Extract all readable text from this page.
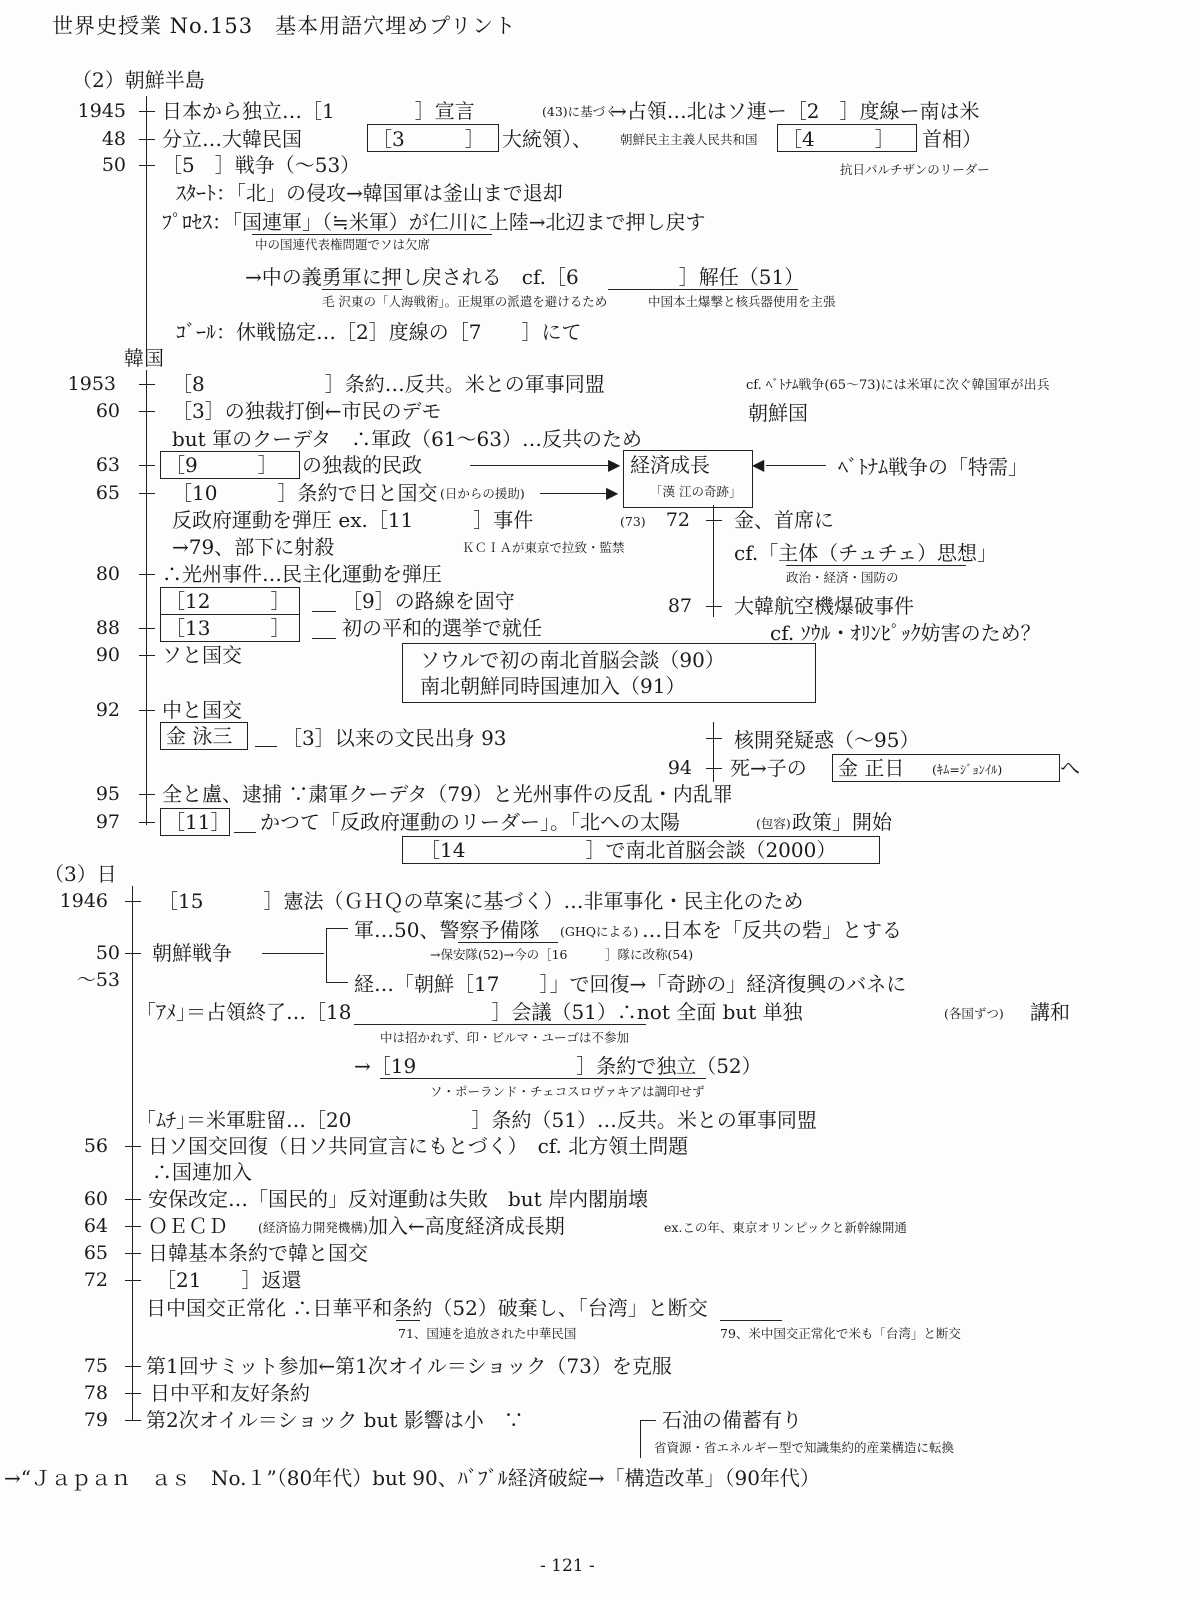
世界史授業 No.153　基本用語穴埋めプリント
（2）朝鮮半島
1945 日本から独立…［1　　　　］宣言	(43)に基づく
→占領…北はソ連ー［2　］度線ー南は米
48 分立…大韓民国	［3　　　］ 大統領）、 朝鮮民主主義人民共和国 ［4　　　］ 首相）
50 ［5　］戦争（～53）	抗日パルチザンのリーダー
ｽﾀｰﾄ：「北」の侵攻→韓国軍は釜山まで退却
ﾌﾟﾛｾｽ：「国連軍」（≒米軍）が仁川に上陸→北辺まで押し戻す
中の国連代表権問題でソは欠席
→中の義勇軍に押し戻される　cf.［6　　　　　］解任（51）
毛 沢東の「人海戦術」。正規軍の派遣を避けるため	中国本土爆撃と核兵器使用を主張
ｺﾞｰﾙ：休戦協定…［2］度線の［7　　］にて
韓国
1953	［8　　　　　　］条約…反共。米との軍事同盟	cf. ﾍﾞﾄﾅﾑ戦争(65～73)には米軍に次ぐ韓国軍が出兵
60	［3］の独裁打倒←市民のデモ	朝鮮国
but 軍のクーデタ　∴軍政（61～63）…反共のため
63 ［9　　　］ の独裁的民政	▶ 経済成長
「漢 江の奇跡」
◀	ﾍﾞﾄﾅﾑ戦争の「特需」
65	［10　　　］条約で日と国交 (日からの援助)	▶
反政府運動を弾圧 ex.［11　　　］事件	(73)	72 金、首席に
→79、部下に射殺	ＫＣＩＡが東京で拉致・監禁	cf.「主体（チュチェ）思想」
政治・経済・国防の
80 ∴光州事件…民主化運動を弾圧
［12　　　］	［9］の路線を固守	87 大韓航空機爆破事件
88 ［13　　　］	初の平和的選挙で就任	cf. ｿｳﾙ・ｵﾘﾝﾋﾟｯｸ妨害のため？
90 ソと国交	ソウルで初の南北首脳会談（90）
南北朝鮮同時国連加入（91）
92 中と国交
金 泳三 ［3］以来の文民出身 93	核開発疑惑（～95）
94 死→子の 金 正日 (ｷﾑ=ｼﾞｮﾝｲﾙ)	へ
95 全と盧、逮捕 ∵粛軍クーデタ（79）と光州事件の反乱・内乱罪
97 ［11］ かつて「反政府運動のリーダー」。「北への太陽	(包容) 政策」開始
［14　　　　　　］で南北首脳会談（2000）
（3）日
1946	［15　　　］憲法（ＧＨＱの草案に基づく）…非軍事化・民主化のため
軍…50、警察予備隊 (GHQによる) …日本を「反共の砦」とする
→保安隊(52)→今の［16　　　］隊に改称(54)
50 朝鮮戦争
～53	経…「朝鮮［17　　］」で回復→「奇跡の」経済復興のバネに
｢ｱﾒ｣＝占領終了…［18　　　　　　　］会議（51）∴not 全面 but 単独	(各国ずつ) 講和
中は招かれず、印・ビルマ・ユーゴは不参加
→［19　　　　　　　　］条約で独立（52）
ソ・ポーランド・チェコスロヴァキアは調印せず
｢ﾑﾁ｣＝米軍駐留…［20　　　　　　］条約（51）…反共。米との軍事同盟
56 日ソ国交回復（日ソ共同宣言にもとづく）　cf. 北方領土問題
∴国連加入
60 安保改定…「国民的」反対運動は失敗　but 岸内閣崩壊
64 ＯＥＣＤ (経済協力開発機構) 加入←高度経済成長期	ex.この年、東京オリンピックと新幹線開通
65 日韓基本条約で韓と国交
72 ［21　　］返還
日中国交正常化 ∴日華平和条約（52）破棄し、「台湾」と断交
71、国連を追放された中華民国	79、米中国交正常化で米も「台湾」と断交
75 第1回サミット参加←第1次オイル＝ショック（73）を克服
78 日中平和友好条約
79 第2次オイル＝ショック but 影響は小　∵	石油の備蓄有り
省資源・省エネルギー型で知識集約的産業構造に転換
→“Ｊａｐａｎ　ａｓ　No.１”（80年代）but 90、ﾊﾞﾌﾞﾙ経済破綻→「構造改革」（90年代）
- 121 -
